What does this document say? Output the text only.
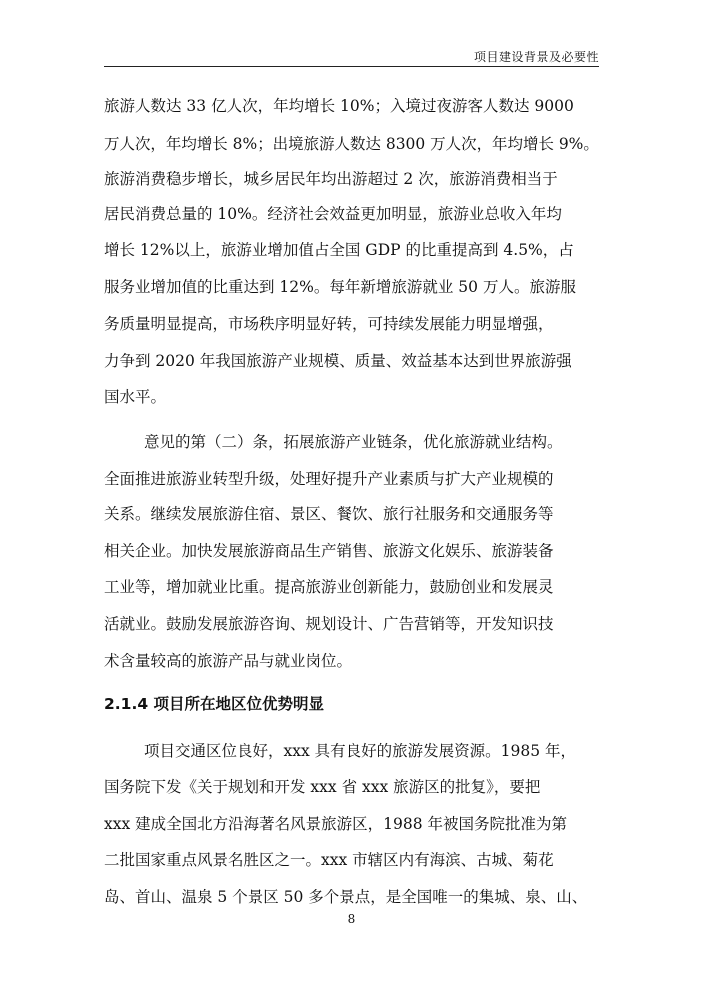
项目建设背景及必要性
旅游人数达 33 亿人次，年均增长 10%；入境过夜游客人数达 9000
万人次，年均增长 8%；出境旅游人数达 8300 万人次，年均增长 9%。
旅游消费稳步增长，城乡居民年均出游超过 2 次，旅游消费相当于
居民消费总量的 10%。经济社会效益更加明显，旅游业总收入年均
增长 12%以上，旅游业增加值占全国 GDP 的比重提高到 4.5%，占
服务业增加值的比重达到 12%。每年新增旅游就业 50 万人。旅游服
务质量明显提高，市场秩序明显好转，可持续发展能力明显增强，
力争到 2020 年我国旅游产业规模、质量、效益基本达到世界旅游强
国水平。
意见的第（二）条，拓展旅游产业链条，优化旅游就业结构。
全面推进旅游业转型升级，处理好提升产业素质与扩大产业规模的
关系。继续发展旅游住宿、景区、餐饮、旅行社服务和交通服务等
相关企业。加快发展旅游商品生产销售、旅游文化娱乐、旅游装备
工业等，增加就业比重。提高旅游业创新能力，鼓励创业和发展灵
活就业。鼓励发展旅游咨询、规划设计、广告营销等，开发知识技
术含量较高的旅游产品与就业岗位。
2.1.4 项目所在地区位优势明显
项目交通区位良好，xxx 具有良好的旅游发展资源。1985 年，
国务院下发《关于规划和开发 xxx 省 xxx 旅游区的批复》，要把
xxx 建成全国北方沿海著名风景旅游区，1988 年被国务院批准为第
二批国家重点风景名胜区之一。xxx 市辖区内有海滨、古城、菊花
岛、首山、温泉 5 个景区 50 多个景点，是全国唯一的集城、泉、山、
8
